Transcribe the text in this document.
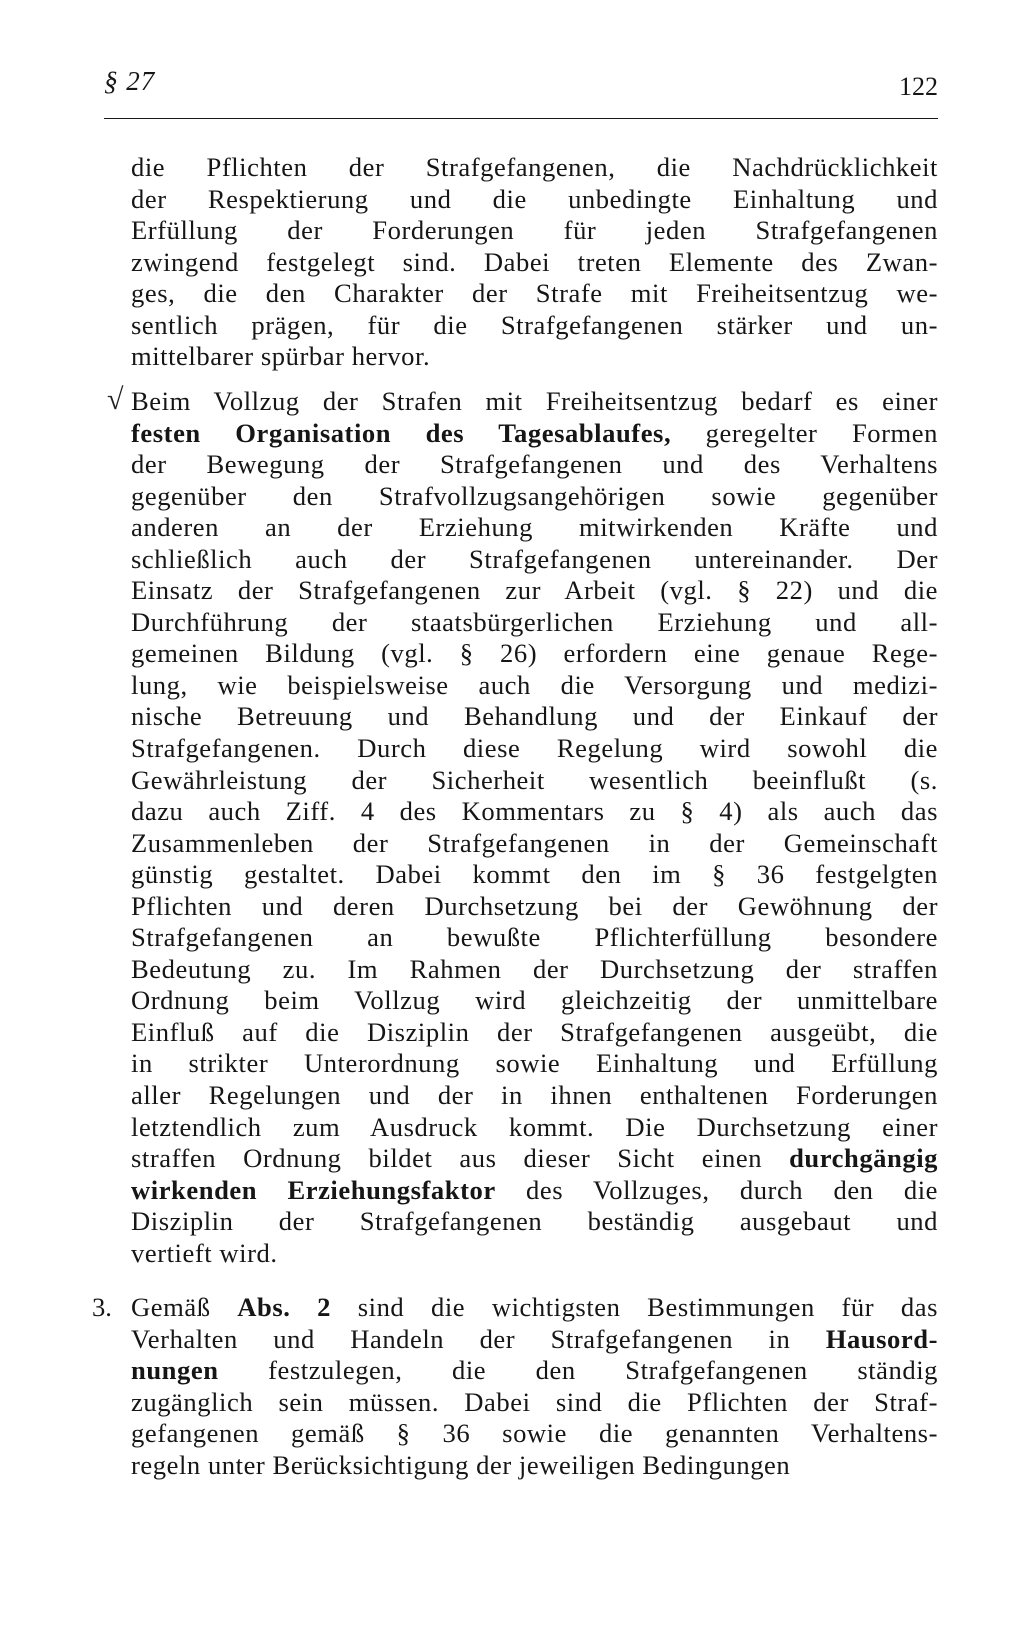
§ 27	122
die Pflichten der Strafgefangenen, die Nachdrücklichkeit
der Respektierung und die unbedingte Einhaltung und
Erfüllung der Forderungen für jeden Strafgefangenen
zwingend festgelegt sind. Dabei treten Elemente des Zwan-
ges, die den Charakter der Strafe mit Freiheitsentzug we-
sentlich prägen, für die Strafgefangenen stärker und un-
mittelbarer spürbar hervor.
√ Beim Vollzug der Strafen mit Freiheitsentzug bedarf es einer
festen Organisation des Tagesablaufes, geregelter Formen
der Bewegung der Strafgefangenen und des Verhaltens
gegenüber den Strafvollzugsangehörigen sowie gegenüber
anderen an der Erziehung mitwirkenden Kräfte und
schließlich auch der Strafgefangenen untereinander. Der
Einsatz der Strafgefangenen zur Arbeit (vgl. § 22) und die
Durchführung der staatsbürgerlichen Erziehung und all-
gemeinen Bildung (vgl. § 26) erfordern eine genaue Rege-
lung, wie beispielsweise auch die Versorgung und medizi-
nische Betreuung und Behandlung und der Einkauf der
Strafgefangenen. Durch diese Regelung wird sowohl die
Gewährleistung der Sicherheit wesentlich beeinflußt (s.
dazu auch Ziff. 4 des Kommentars zu § 4) als auch das
Zusammenleben der Strafgefangenen in der Gemeinschaft
günstig gestaltet. Dabei kommt den im § 36 festgelgten
Pflichten und deren Durchsetzung bei der Gewöhnung der
Strafgefangenen an bewußte Pflichterfüllung besondere
Bedeutung zu. Im Rahmen der Durchsetzung der straffen
Ordnung beim Vollzug wird gleichzeitig der unmittelbare
Einfluß auf die Disziplin der Strafgefangenen ausgeübt, die
in strikter Unterordnung sowie Einhaltung und Erfüllung
aller Regelungen und der in ihnen enthaltenen Forderungen
letztendlich zum Ausdruck kommt. Die Durchsetzung einer
straffen Ordnung bildet aus dieser Sicht einen durchgängig
wirkenden Erziehungsfaktor des Vollzuges, durch den die
Disziplin der Strafgefangenen beständig ausgebaut und
vertieft wird.
3. Gemäß Abs. 2 sind die wichtigsten Bestimmungen für das
Verhalten und Handeln der Strafgefangenen in Hausord-
nungen festzulegen, die den Strafgefangenen ständig
zugänglich sein müssen. Dabei sind die Pflichten der Straf-
gefangenen gemäß § 36 sowie die genannten Verhaltens-
regeln unter Berücksichtigung der jeweiligen Bedingungen
